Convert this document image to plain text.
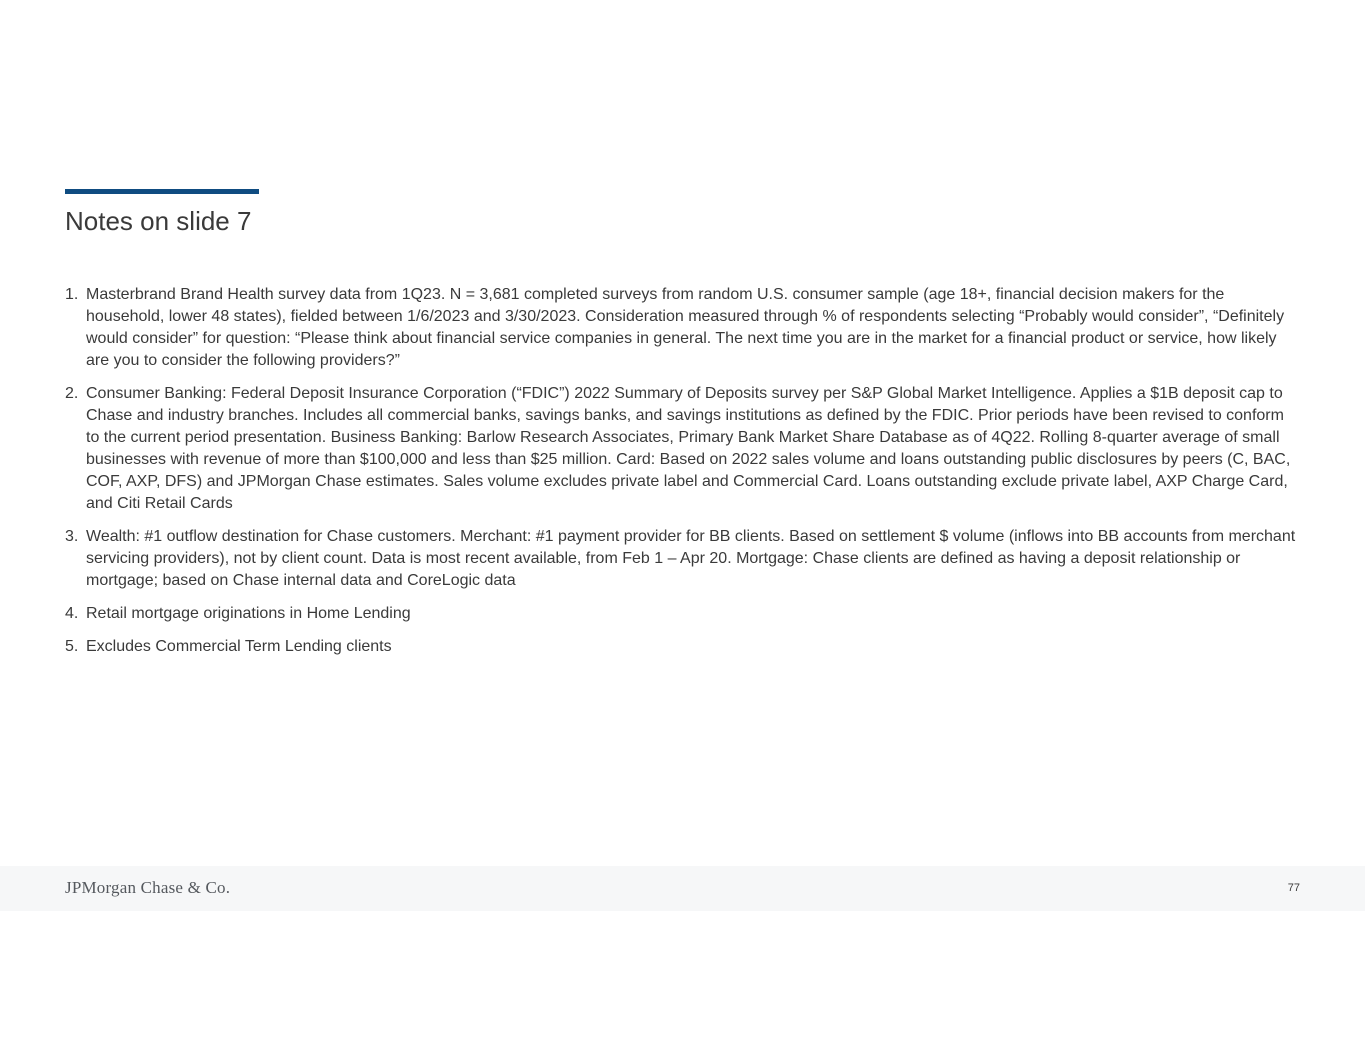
Notes on slide 7
1. Masterbrand Brand Health survey data from 1Q23. N = 3,681 completed surveys from random U.S. consumer sample (age 18+, financial decision makers for the household, lower 48 states), fielded between 1/6/2023 and 3/30/2023. Consideration measured through % of respondents selecting “Probably would consider”, “Definitely would consider” for question: “Please think about financial service companies in general. The next time you are in the market for a financial product or service, how likely are you to consider the following providers?”
2. Consumer Banking: Federal Deposit Insurance Corporation (“FDIC”) 2022 Summary of Deposits survey per S&P Global Market Intelligence. Applies a $1B deposit cap to Chase and industry branches. Includes all commercial banks, savings banks, and savings institutions as defined by the FDIC. Prior periods have been revised to conform to the current period presentation. Business Banking: Barlow Research Associates, Primary Bank Market Share Database as of 4Q22. Rolling 8-quarter average of small businesses with revenue of more than $100,000 and less than $25 million. Card: Based on 2022 sales volume and loans outstanding public disclosures by peers (C, BAC, COF, AXP, DFS) and JPMorgan Chase estimates. Sales volume excludes private label and Commercial Card. Loans outstanding exclude private label, AXP Charge Card, and Citi Retail Cards
3. Wealth: #1 outflow destination for Chase customers. Merchant: #1 payment provider for BB clients. Based on settlement $ volume (inflows into BB accounts from merchant servicing providers), not by client count. Data is most recent available, from Feb 1 – Apr 20. Mortgage: Chase clients are defined as having a deposit relationship or mortgage; based on Chase internal data and CoreLogic data
4. Retail mortgage originations in Home Lending
5. Excludes Commercial Term Lending clients
JPMorgan Chase & Co.	77
